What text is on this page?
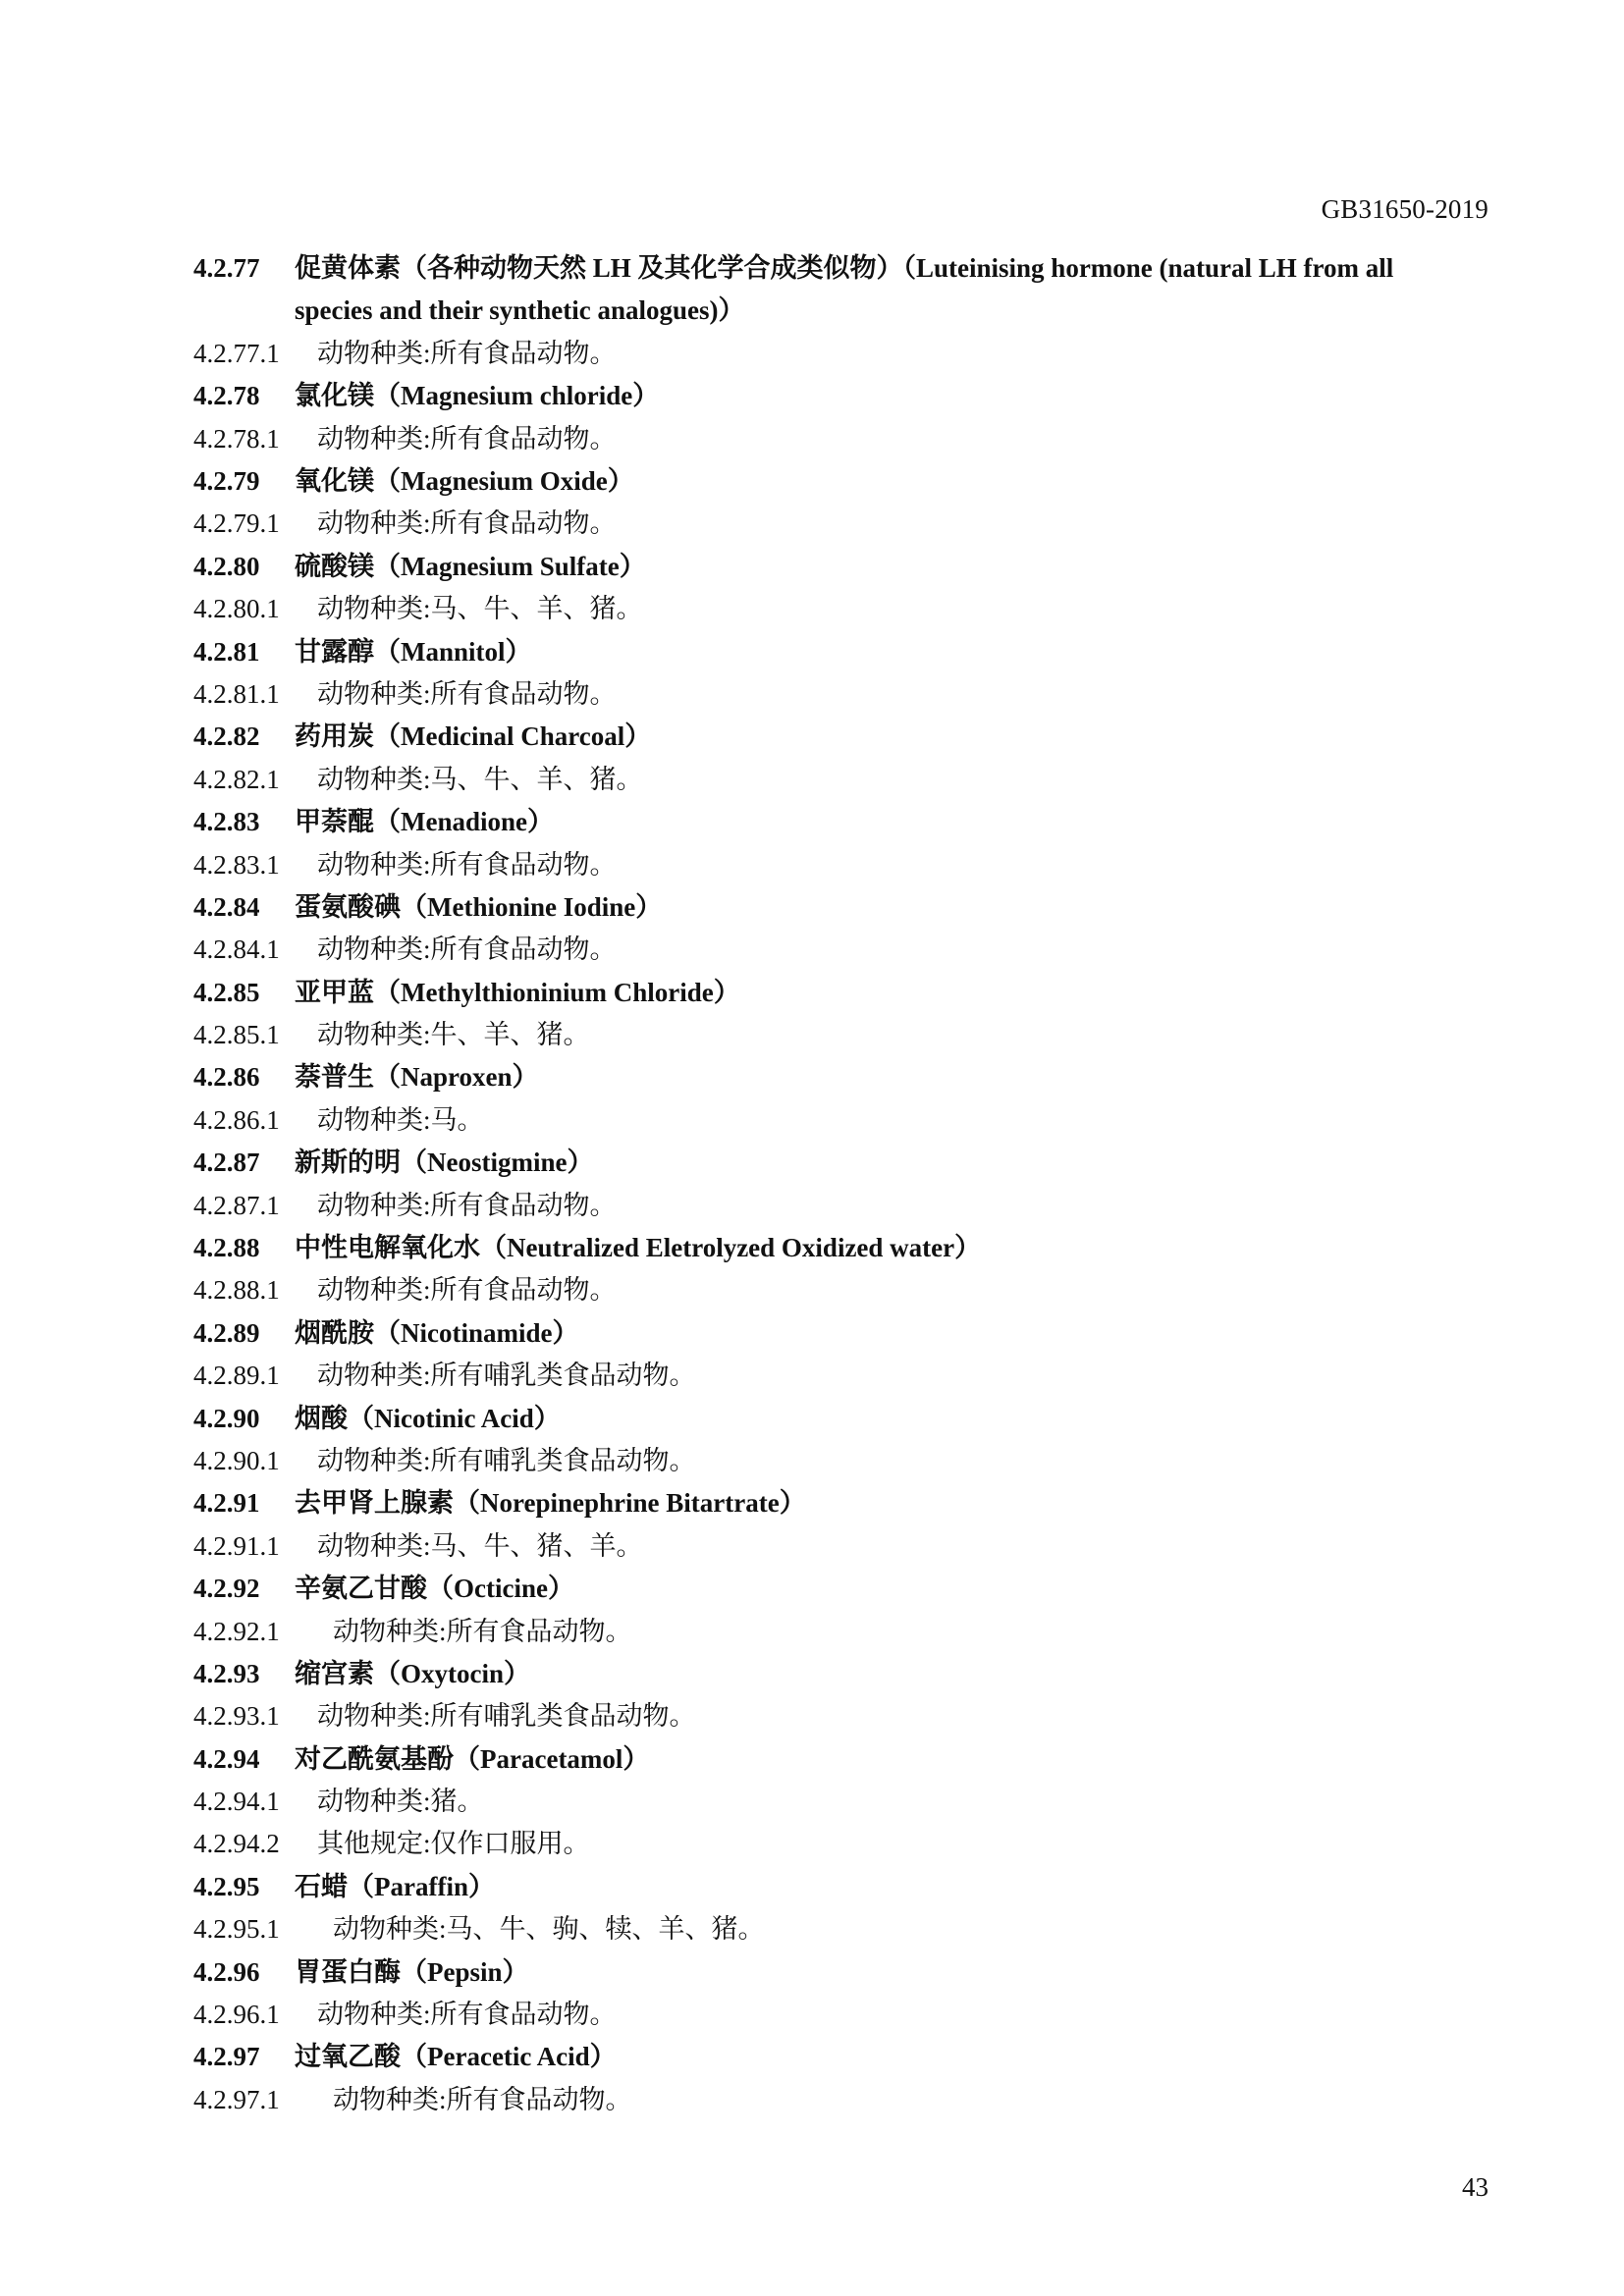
GB31650-2019
4.2.77	促黄体素（各种动物天然 LH 及其化学合成类似物）（Luteinising hormone (natural LH from all species and their synthetic analogues)）
4.2.77.1 动物种类:所有食品动物。
4.2.78 氯化镁（Magnesium chloride）
4.2.78.1 动物种类:所有食品动物。
4.2.79 氧化镁（Magnesium Oxide）
4.2.79.1 动物种类:所有食品动物。
4.2.80 硫酸镁（Magnesium Sulfate）
4.2.80.1 动物种类:马、牛、羊、猪。
4.2.81 甘露醇（Mannitol）
4.2.81.1 动物种类:所有食品动物。
4.2.82 药用炭（Medicinal Charcoal）
4.2.82.1 动物种类:马、牛、羊、猪。
4.2.83 甲萘醌（Menadione）
4.2.83.1 动物种类:所有食品动物。
4.2.84 蛋氨酸碘（Methionine Iodine）
4.2.84.1 动物种类:所有食品动物。
4.2.85 亚甲蓝（Methylthioninium Chloride）
4.2.85.1 动物种类:牛、羊、猪。
4.2.86 萘普生（Naproxen）
4.2.86.1 动物种类:马。
4.2.87 新斯的明（Neostigmine）
4.2.87.1 动物种类:所有食品动物。
4.2.88 中性电解氧化水（Neutralized Eletrolyzed Oxidized water）
4.2.88.1 动物种类:所有食品动物。
4.2.89 烟酰胺（Nicotinamide）
4.2.89.1 动物种类:所有哺乳类食品动物。
4.2.90 烟酸（Nicotinic Acid）
4.2.90.1 动物种类:所有哺乳类食品动物。
4.2.91 去甲肾上腺素（Norepinephrine Bitartrate）
4.2.91.1 动物种类:马、牛、猪、羊。
4.2.92 辛氨乙甘酸（Octicine）
4.2.92.1 动物种类:所有食品动物。
4.2.93 缩宫素（Oxytocin）
4.2.93.1 动物种类:所有哺乳类食品动物。
4.2.94 对乙酰氨基酚（Paracetamol）
4.2.94.1 动物种类:猪。
4.2.94.2 其他规定:仅作口服用。
4.2.95 石蜡（Paraffin）
4.2.95.1 动物种类:马、牛、驹、犊、羊、猪。
4.2.96 胃蛋白酶（Pepsin）
4.2.96.1 动物种类:所有食品动物。
4.2.97 过氧乙酸（Peracetic Acid）
4.2.97.1 动物种类:所有食品动物。
43
